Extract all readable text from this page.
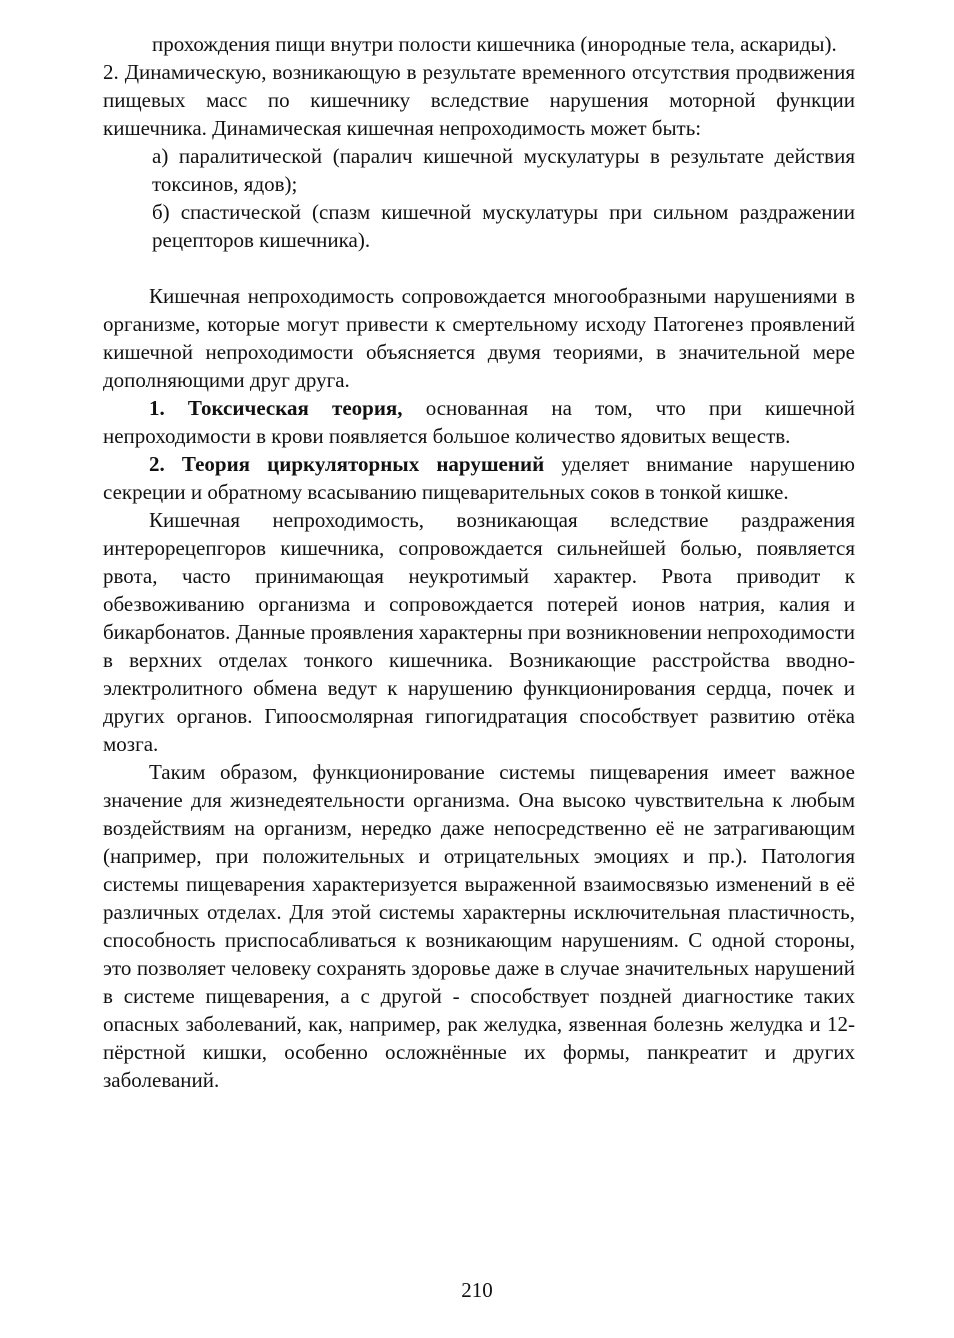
прохождения пищи внутри полости кишечника (инородные тела, аскариды).

2. Динамическую, возникающую в результате временного отсутствия продвижения пищевых масс по кишечнику вследствие нарушения моторной функции кишечника. Динамическая кишечная непроходимость может быть:

а) паралитической (паралич кишечной мускулатуры в результате действия токсинов, ядов);

б) спастической (спазм кишечной мускулатуры при сильном раздражении рецепторов кишечника).

Кишечная непроходимость сопровождается многообразными нарушениями в организме, которые могут привести к смертельному исходу Патогенез проявлений кишечной непроходимости объясняется двумя теориями, в значительной мере дополняющими друг друга.

1. Токсическая теория, основанная на том, что при кишечной непроходимости в крови появляется большое количество ядовитых веществ.

2. Теория циркуляторных нарушений уделяет внимание нарушению секреции и обратному всасыванию пищеварительных соков в тонкой кишке.

Кишечная непроходимость, возникающая вследствие раздражения интерорецепгоров кишечника, сопровождается сильнейшей болью, появляется рвота, часто принимающая неукротимый характер. Рвота приводит к обезвоживанию организма и сопровождается потерей ионов натрия, калия и бикарбонатов. Данные проявления характерны при возникновении непроходимости в верхних отделах тонкого кишечника. Возникающие расстройства вводно-электролитного обмена ведут к нарушению функционирования сердца, почек и других органов. Гипоосмолярная гипогидратация способствует развитию отёка мозга.

Таким образом, функционирование системы пищеварения имеет важное значение для жизнедеятельности организма. Она высоко чувствительна к любым воздействиям на организм, нередко даже непосредственно её не затрагивающим (например, при положительных и отрицательных эмоциях и пр.). Патология системы пищеварения характеризуется выраженной взаимосвязью изменений в её различных отделах. Для этой системы характерны исключительная пластичность, способность приспосабливаться к возникающим нарушениям. С одной стороны, это позволяет человеку сохранять здоровье даже в случае значительных нарушений в системе пищеварения, а с другой - способствует поздней диагностике таких опасных заболеваний, как, например, рак желудка, язвенная болезнь желудка и 12-пёрстной кишки, особенно осложнённые их формы, панкреатит и других заболеваний.

210
